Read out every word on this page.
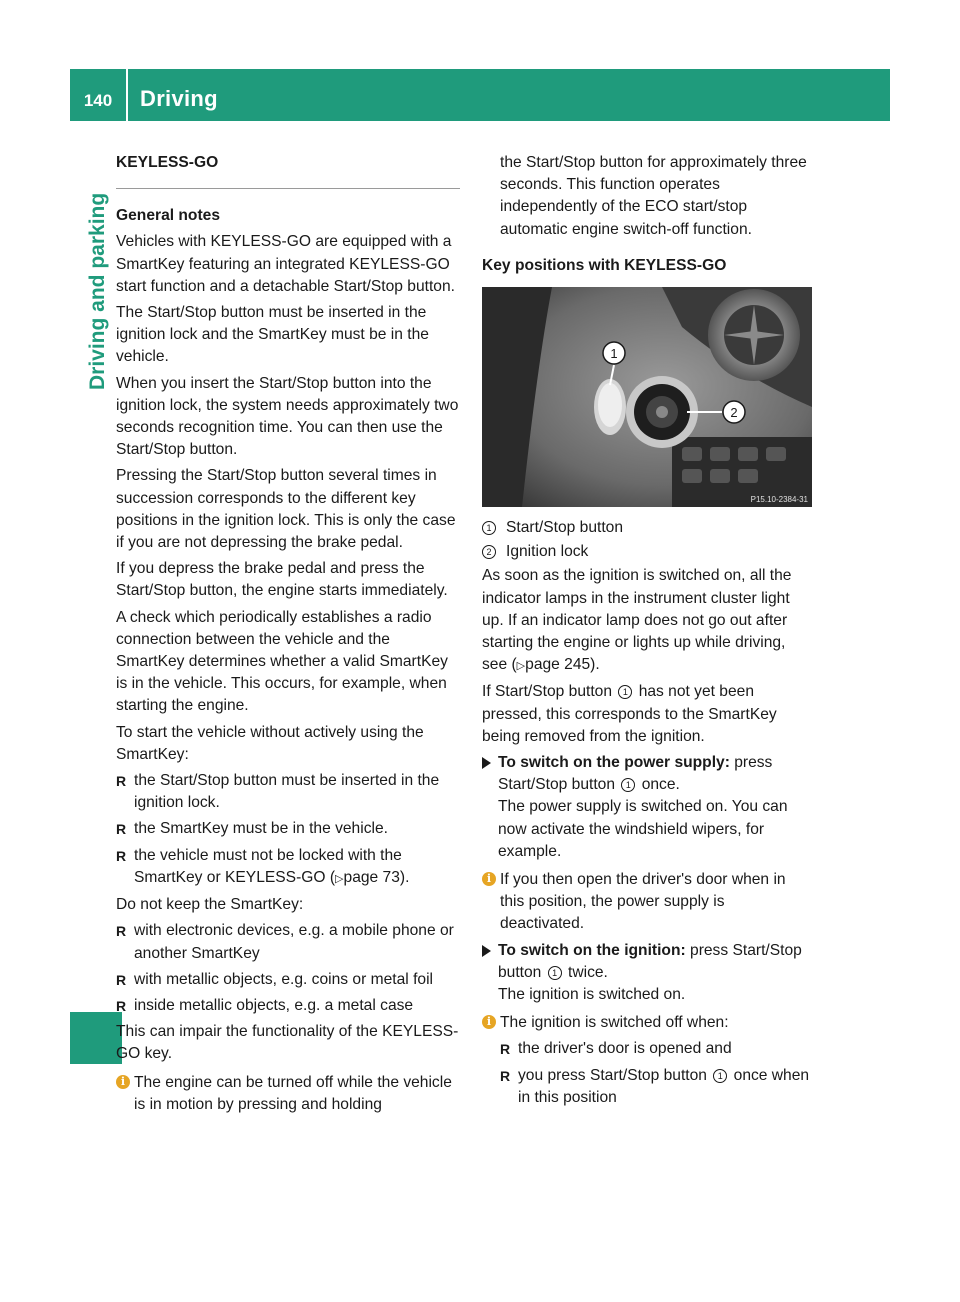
140	Driving
Driving and parking
KEYLESS-GO
General notes

Vehicles with KEYLESS-GO are equipped with a SmartKey featuring an integrated KEYLESS-GO start function and a detachable Start/Stop button.

The Start/Stop button must be inserted in the ignition lock and the SmartKey must be in the vehicle.

When you insert the Start/Stop button into the ignition lock, the system needs approximately two seconds recognition time. You can then use the Start/Stop button.

Pressing the Start/Stop button several times in succession corresponds to the different key positions in the ignition lock. This is only the case if you are not depressing the brake pedal.

If you depress the brake pedal and press the Start/Stop button, the engine starts immediately.

A check which periodically establishes a radio connection between the vehicle and the SmartKey determines whether a valid SmartKey is in the vehicle. This occurs, for example, when starting the engine.

To start the vehicle without actively using the SmartKey:

R the Start/Stop button must be inserted in the ignition lock.
R the SmartKey must be in the vehicle.
R the vehicle must not be locked with the SmartKey or KEYLESS-GO (▷page 73).

Do not keep the SmartKey:

R with electronic devices, e.g. a mobile phone or another SmartKey
R with metallic objects, e.g. coins or metal foil
R inside metallic objects, e.g. a metal case

This can impair the functionality of the KEYLESS-GO key.

i The engine can be turned off while the vehicle is in motion by pressing and holding

the Start/Stop button for approximately three seconds. This function operates independently of the ECO start/stop automatic engine switch-off function.

Key positions with KEYLESS-GO
1
2
P15.10-2384-31
1 Start/Stop button
2 Ignition lock

As soon as the ignition is switched on, all the indicator lamps in the instrument cluster light up. If an indicator lamp does not go out after starting the engine or lights up while driving, see (▷page 245).

If Start/Stop button 1 has not yet been pressed, this corresponds to the SmartKey being removed from the ignition.

To switch on the power supply: press Start/Stop button 1 once.
The power supply is switched on. You can now activate the windshield wipers, for example.
i If you then open the driver's door when in this position, the power supply is deactivated.
To switch on the ignition: press Start/Stop button 1 twice.
The ignition is switched on.
i The ignition is switched off when:
R the driver's door is opened and
R you press Start/Stop button 1 once when in this position
